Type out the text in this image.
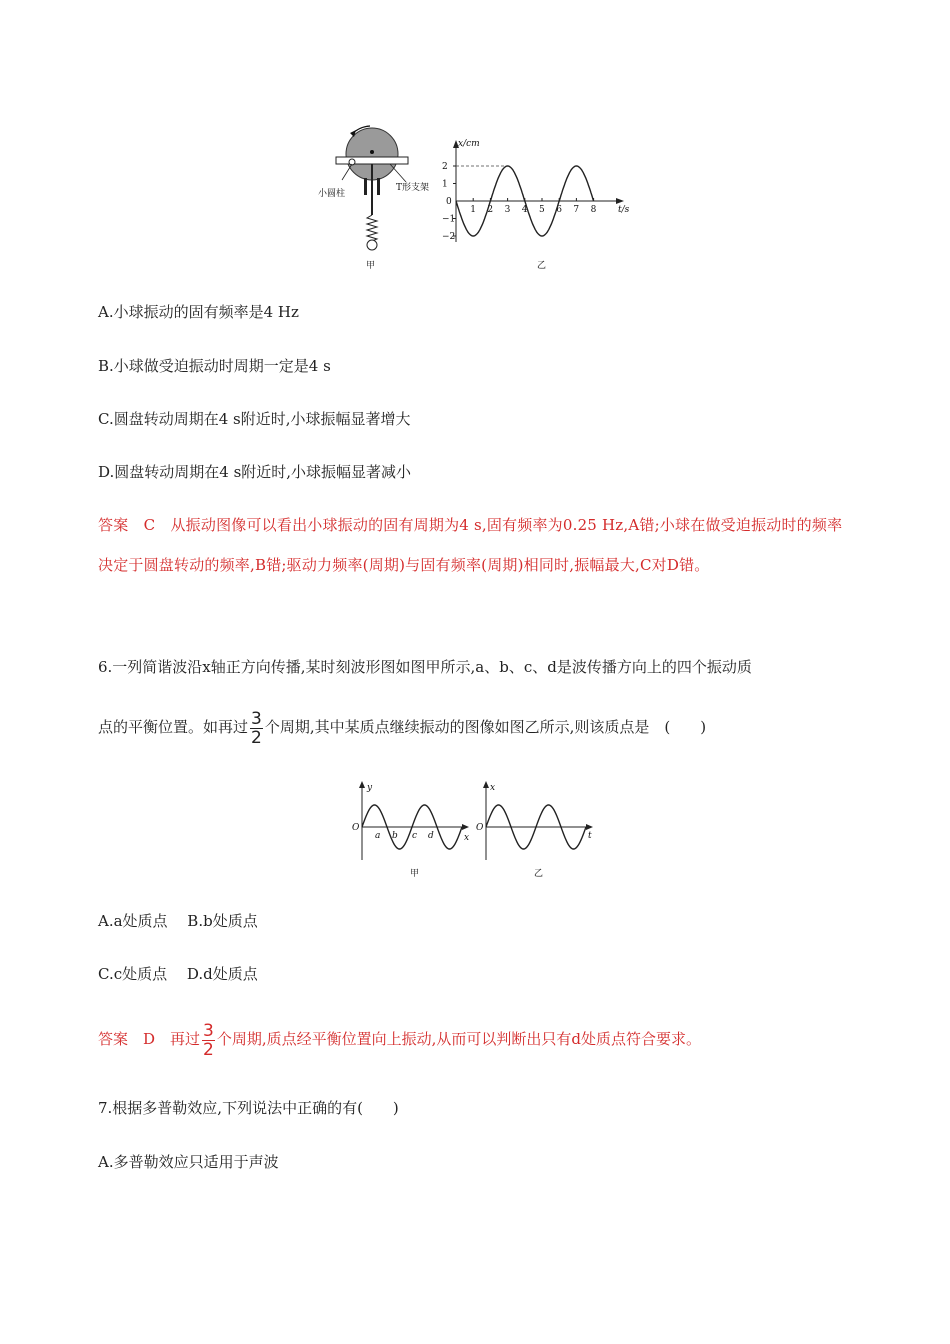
小圆柱
T形支架
甲
x/cm
t/s
0
2
1
−1
−2
1 2 3 4 5 6 7 8
乙
A.小球振动的固有频率是4 Hz
B.小球做受迫振动时周期一定是4 s
C.圆盘转动周期在4 s附近时,小球振幅显著增大
D.圆盘转动周期在4 s附近时,小球振幅显著减小
答案　C　从振动图像可以看出小球振动的固有周期为4 s,固有频率为0.25 Hz,A错;小球在做受迫振动时的频率决定于圆盘转动的频率,B错;驱动力频率(周期)与固有频率(周期)相同时,振幅最大,C对D错。
6.一列简谐波沿x轴正方向传播,某时刻波形图如图甲所示,a、b、c、d是波传播方向上的四个振动质
点的平衡位置。如再过 $\frac{3}{2}$ 个周期,其中某质点继续振动的图像如图乙所示,则该质点是　(　　)
y
x
O
a b c d
甲
x
t
O
乙
A.a处质点　 B.b处质点
C.c处质点　 D.d处质点
答案　D　再过 $\frac{3}{2}$ 个周期,质点经平衡位置向上振动,从而可以判断出只有d处质点符合要求。
7.根据多普勒效应,下列说法中正确的有(　　)
A.多普勒效应只适用于声波
